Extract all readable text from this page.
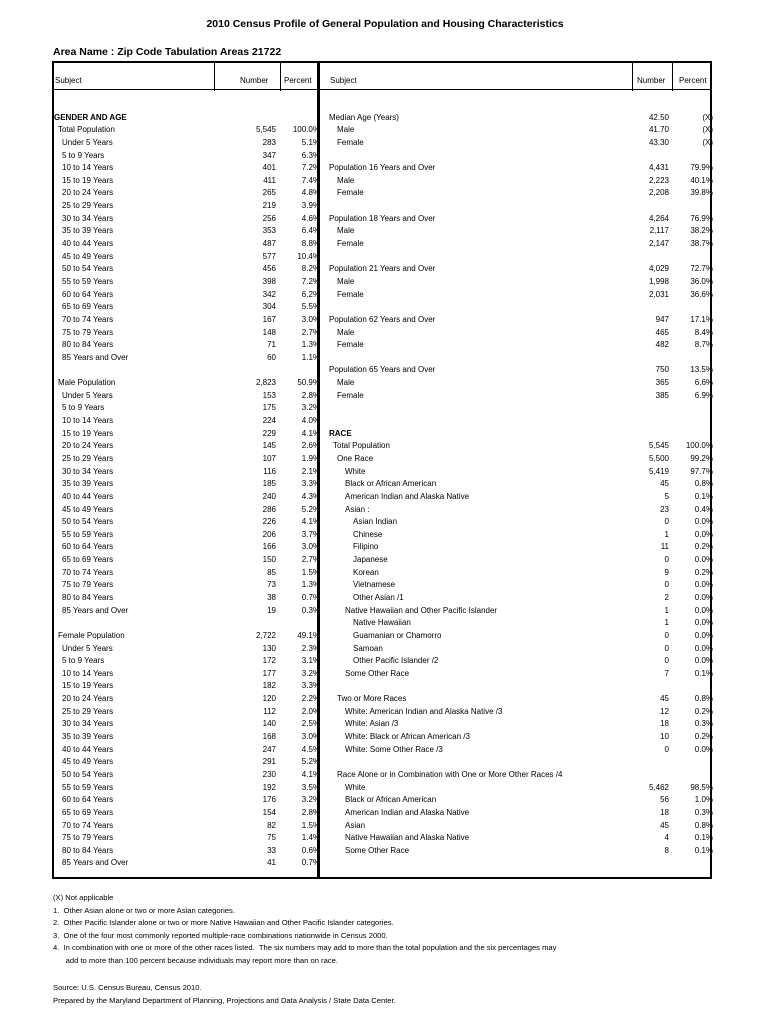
2010 Census Profile of General Population and Housing Characteristics
Area Name : Zip Code Tabulation Areas 21722
Subject	Number Percent Subject	Number Percent
GENDER AND AGE
Total Population	5,545	100.0%
Under 5 Years	283	5.1%
5 to 9 Years	347	6.3%
10 to 14 Years	401	7.2%
15 to 19 Years	411	7.4%
20 to 24 Years	265	4.8%
25 to 29 Years	219	3.9%
30 to 34 Years	256	4.6%
35 to 39 Years	353	6.4%
40 to 44 Years	487	8.8%
45 to 49 Years	577	10.4%
50 to 54 Years	456	8.2%
55 to 59 Years	398	7.2%
60 to 64 Years	342	6.2%
65 to 69 Years	304	5.5%
70 to 74 Years	167	3.0%
75 to 79 Years	148	2.7%
80 to 84 Years	71	1.3%
85 Years and Over	60	1.1%
Male Population	2,823	50.9%
Under 5 Years	153	2.8%
5 to 9 Years	175	3.2%
10 to 14 Years	224	4.0%
15 to 19 Years	229	4.1%
20 to 24 Years	145	2.6%
25 to 29 Years	107	1.9%
30 to 34 Years	116	2.1%
35 to 39 Years	185	3.3%
40 to 44 Years	240	4.3%
45 to 49 Years	286	5.2%
50 to 54 Years	226	4.1%
55 to 59 Years	206	3.7%
60 to 64 Years	166	3.0%
65 to 69 Years	150	2.7%
70 to 74 Years	85	1.5%
75 to 79 Years	73	1.3%
80 to 84 Years	38	0.7%
85 Years and Over	19	0.3%
Female Population	2,722	49.1%
Under 5 Years	130	2.3%
5 to 9 Years	172	3.1%
10 to 14 Years	177	3.2%
15 to 19 Years	182	3.3%
20 to 24 Years	120	2.2%
25 to 29 Years	112	2.0%
30 to 34 Years	140	2.5%
35 to 39 Years	168	3.0%
40 to 44 Years	247	4.5%
45 to 49 Years	291	5.2%
50 to 54 Years	230	4.1%
55 to 59 Years	192	3.5%
60 to 64 Years	176	3.2%
65 to 69 Years	154	2.8%
70 to 74 Years	82	1.5%
75 to 79 Years	75	1.4%
80 to 84 Years	33	0.6%
85 Years and Over	41	0.7%
Median Age (Years)	42.50	(X)
Male	41.70	(X)
Female	43.30	(X)
Population 16 Years and Over	4,431	79.9%
Male	2,223	40.1%
Female	2,208	39.8%
Population 18 Years and Over	4,264	76.9%
Male	2,117	38.2%
Female	2,147	38.7%
Population 21 Years and Over	4,029	72.7%
Male	1,998	36.0%
Female	2,031	36.6%
Population 62 Years and Over	947	17.1%
Male	465	8.4%
Female	482	8.7%
Population 65 Years and Over	750	13.5%
Male	365	6.6%
Female	385	6.9%
RACE
Total Population	5,545	100.0%
One Race	5,500	99.2%
White	5,419	97.7%
Black or African American	45	0.8%
American Indian and Alaska Native	5	0.1%
Asian :	23	0.4%
Asian Indian	0	0.0%
Chinese	1	0.0%
Filipino	11	0.2%
Japanese	0	0.0%
Korean	9	0.2%
Vietnamese	0	0.0%
Other Asian /1	2	0.0%
Native Hawaiian and Other Pacific Islander	1	0.0%
Native Hawaiian	1	0.0%
Guamanian or Chamorro	0	0.0%
Samoan	0	0.0%
Other Pacific Islander /2	0	0.0%
Some Other Race	7	0.1%
Two or More Races	45	0.8%
White: American Indian and Alaska Native /3	12	0.2%
White: Asian /3	18	0.3%
White: Black or African American /3	10	0.2%
White: Some Other Race /3	0	0.0%
Race Alone or in Combination with One or More Other Races /4
White	5,462	98.5%
Black or African American	56	1.0%
American Indian and Alaska Native	18	0.3%
Asian	45	0.8%
Native Hawaiian and Alaska Native	4	0.1%
Some Other Race	8	0.1%
(X) Not applicable
1.  Other Asian alone or two or more Asian categories.
2.  Other Pacific Islander alone or two or more Native Hawaiian and Other Pacific Islander categories.
3.  One of the four most commonly reported multiple-race combinations nationwide in Census 2000.
4.  In combination with one or more of the other races listed.  The six numbers may add to more than the total population and the six percentages may
add to more than 100 percent because individuals may report more than on race.
Source: U.S. Census Bureau, Census 2010.
Prepared by the Maryland Department of Planning, Projections and Data Analysis / State Data Center.
